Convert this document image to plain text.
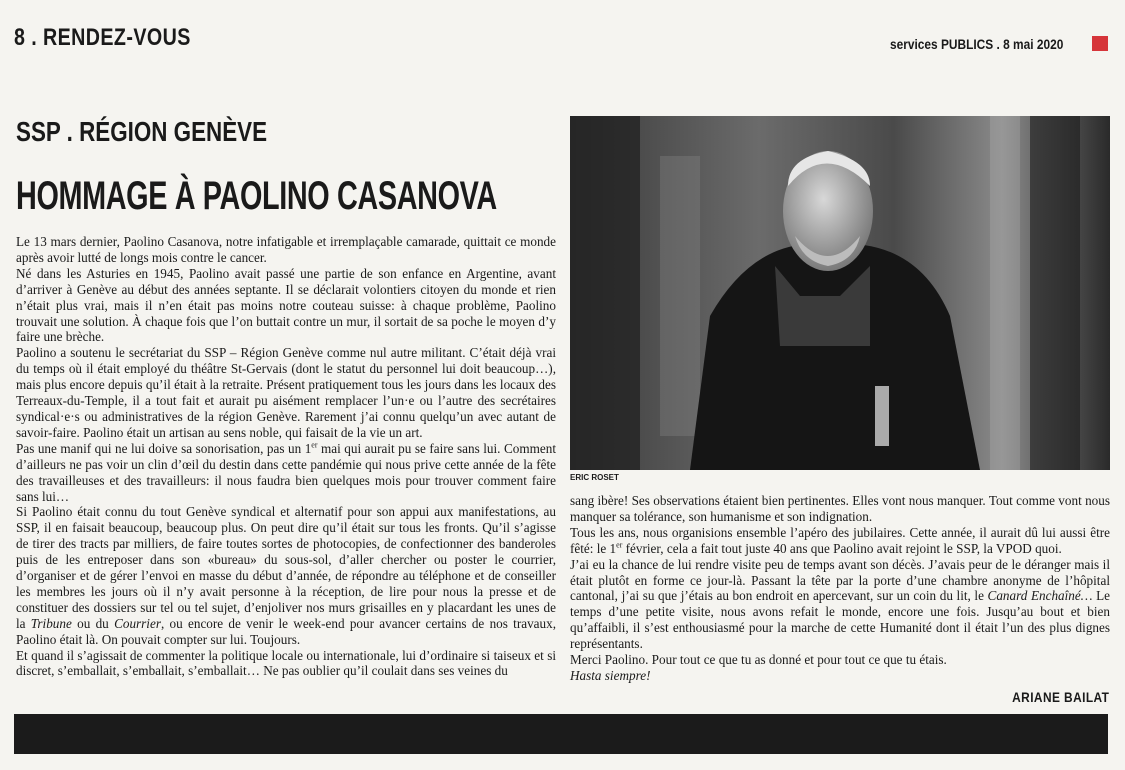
8 . RENDEZ-VOUS	services PUBLICS . 8 mai 2020
SSP . RÉGION GENÈVE
HOMMAGE À PAOLINO CASANOVA

Le 13 mars dernier, Paolino Casanova, notre infatigable et irremplaçable camarade, quittait ce monde après avoir lutté de longs mois contre le cancer.

Né dans les Asturies en 1945, Paolino avait passé une partie de son enfance en Argentine, avant d’arriver à Genève au début des années septante. Il se déclarait volontiers citoyen du monde et rien n’était plus vrai, mais il n’en était pas moins notre couteau suisse: à chaque problème, Paolino trouvait une solution. À chaque fois que l’on buttait contre un mur, il sortait de sa poche le moyen d’y faire une brèche.

Paolino a soutenu le secrétariat du SSP – Région Genève comme nul autre militant. C’était déjà vrai du temps où il était employé du théâtre St-Gervais (dont le statut du personnel lui doit beaucoup…), mais plus encore depuis qu’il était à la retraite. Présent pratiquement tous les jours dans les locaux des Terreaux-du-Temple, il a tout fait et aurait pu aisément remplacer l’un·e ou l’autre des secrétaires syndical·e·s ou administratives de la région Genève. Rarement j’ai connu quelqu’un avec autant de savoir-faire. Paolino était un artisan au sens noble, qui faisait de la vie un art.

Pas une manif qui ne lui doive sa sonorisation, pas un 1er mai qui aurait pu se faire sans lui. Comment d’ailleurs ne pas voir un clin d’œil du destin dans cette pandémie qui nous prive cette année de la fête des travailleuses et des travailleurs: il nous faudra bien quelques mois pour trouver comment faire sans lui…

Si Paolino était connu du tout Genève syndical et alternatif pour son appui aux manifestations, au SSP, il en faisait beaucoup, beaucoup plus. On peut dire qu’il était sur tous les fronts. Qu’il s’agisse de tirer des tracts par milliers, de faire toutes sortes de photocopies, de confectionner des banderoles puis de les entreposer dans son «bureau» du sous-sol, d’aller chercher ou poster le courrier, d’organiser et de gérer l’envoi en masse du début d’année, de répondre au téléphone et de conseiller les membres les jours où il n’y avait personne à la réception, de lire pour nous la presse et de constituer des dossiers sur tel ou tel sujet, d’enjoliver nos murs grisailles en y placardant les unes de la Tribune ou du Courrier, ou encore de venir le week-end pour avancer certains de nos travaux, Paolino était là. On pouvait compter sur lui. Toujours.

Et quand il s’agissait de commenter la politique locale ou internationale, lui d’ordinaire si taiseux et si discret, s’emballait, s’emballait, s’emballait… Ne pas oublier qu’il coulait dans ses veines du

ERIC ROSET

sang ibère! Ses observations étaient bien pertinentes. Elles vont nous manquer. Tout comme vont nous manquer sa tolérance, son humanisme et son indignation.

Tous les ans, nous organisions ensemble l’apéro des jubilaires. Cette année, il aurait dû lui aussi être fêté: le 1er février, cela a fait tout juste 40 ans que Paolino avait rejoint le SSP, la VPOD quoi.

J’ai eu la chance de lui rendre visite peu de temps avant son décès. J’avais peur de le déranger mais il était plutôt en forme ce jour-là. Passant la tête par la porte d’une chambre anonyme de l’hôpital cantonal, j’ai su que j’étais au bon endroit en apercevant, sur un coin du lit, le Canard Enchaîné… Le temps d’une petite visite, nous avons refait le monde, encore une fois. Jusqu’au bout et bien qu’affaibli, il s’est enthousiasmé pour la marche de cette Humanité dont il était l’un des plus dignes représentants.

Merci Paolino. Pour tout ce que tu as donné et pour tout ce que tu étais.

Hasta siempre!

ARIANE BAILAT
